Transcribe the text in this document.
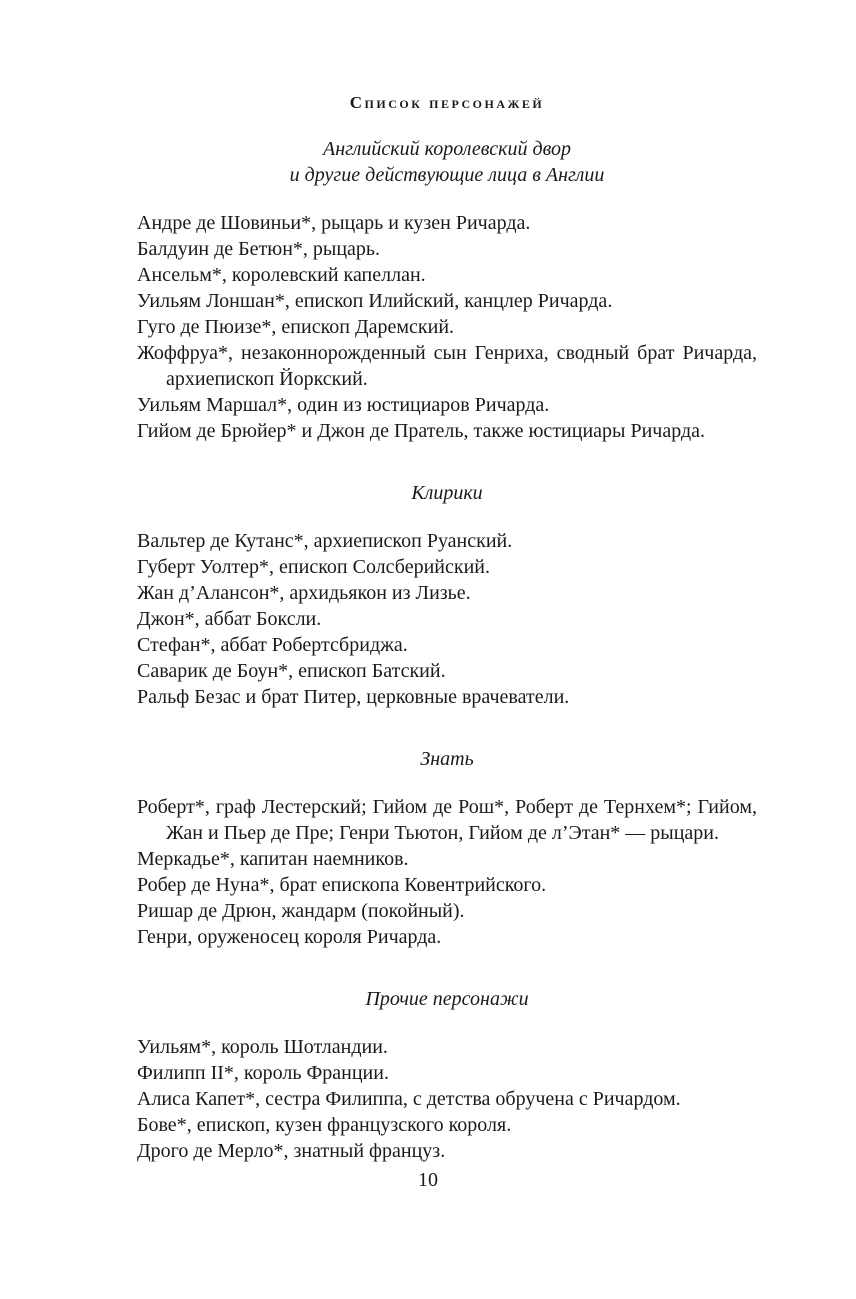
Список персонажей

Английский королевский двор
и другие действующие лица в Англии

Андре де Шовиньи*, рыцарь и кузен Ричарда.
Балдуин де Бетюн*, рыцарь.
Ансельм*, королевский капеллан.
Уильям Лоншан*, епископ Илийский, канцлер Ричарда.
Гуго де Пюизе*, епископ Даремский.
Жоффруа*, незаконнорожденный сын Генриха, сводный брат Ричарда, архиепископ Йоркский.
Уильям Маршал*, один из юстициаров Ричарда.
Гийом де Брюйер* и Джон де Пратель, также юстициары Ричарда.

Клирики

Вальтер де Кутанс*, архиепископ Руанский.
Губерт Уолтер*, епископ Солсберийский.
Жан д’Алансон*, архидьякон из Лизье.
Джон*, аббат Боксли.
Стефан*, аббат Робертсбриджа.
Саварик де Боун*, епископ Батский.
Ральф Безас и брат Питер, церковные врачеватели.

Знать

Роберт*, граф Лестерский; Гийом де Рош*, Роберт де Тернхем*; Гийом, Жан и Пьер де Пре; Генри Тьютон, Гийом де л’Этан* — рыцари.
Меркадье*, капитан наемников.
Робер де Нуна*, брат епископа Ковентрийского.
Ришар де Дрюн, жандарм (покойный).
Генри, оруженосец короля Ричарда.

Прочие персонажи

Уильям*, король Шотландии.
Филипп II*, король Франции.
Алиса Капет*, сестра Филиппа, с детства обручена с Ричардом.
Бове*, епископ, кузен французского короля.
Дрого де Мерло*, знатный француз.
10
